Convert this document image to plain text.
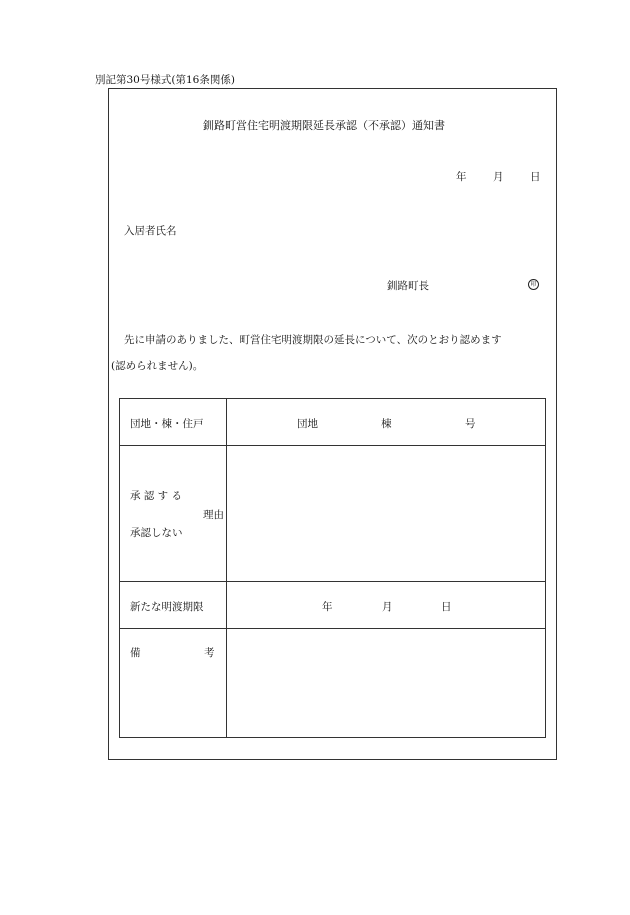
別記第30号様式(第16条関係)
釧路町営住宅明渡期限延長承認（不承認）通知書
年	月	日
入居者氏名
釧路町長	印
先に申請のありました、町営住宅明渡期限の延長について、次のとおり認めます
(認められません)。
団地・棟・住戸	団地 棟 号

承 認 す る
理由
承認しない	

新たな明渡期限	年 月 日

備 考	
